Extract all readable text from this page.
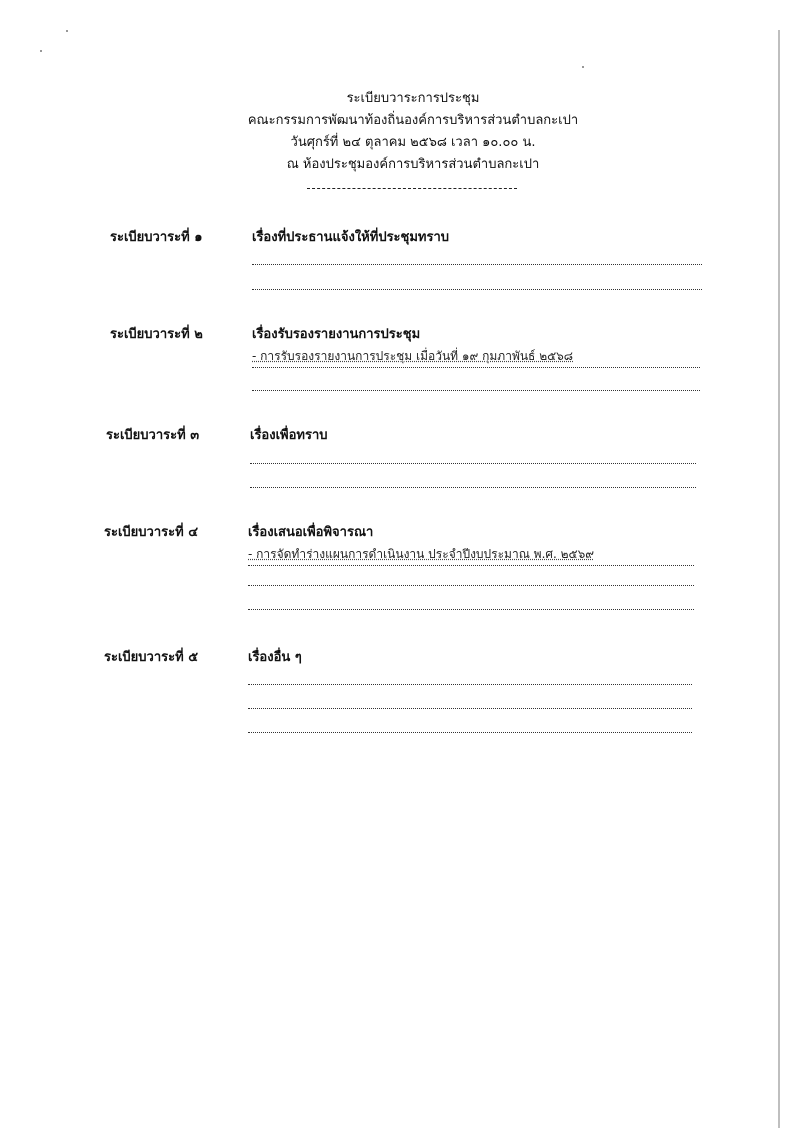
ระเบียบวาระการประชุม
คณะกรรมการพัฒนาท้องถิ่นองค์การบริหารส่วนตำบลกะเปา
วันศุกร์ที่ ๒๔ ตุลาคม ๒๕๖๘ เวลา ๑๐.๐๐ น.
ณ ห้องประชุมองค์การบริหารส่วนตำบลกะเปา
ระเบียบวาระที่ ๑	เรื่องที่ประธานแจ้งให้ที่ประชุมทราบ
ระเบียบวาระที่ ๒	เรื่องรับรองรายงานการประชุม
- การรับรองรายงานการประชุม เมื่อวันที่ ๑๙ กุมภาพันธ์ ๒๕๖๘
ระเบียบวาระที่ ๓	เรื่องเพื่อทราบ
ระเบียบวาระที่ ๔	เรื่องเสนอเพื่อพิจารณา
- การจัดทำร่างแผนการดำเนินงาน ประจำปีงบประมาณ พ.ศ. ๒๕๖๙
ระเบียบวาระที่ ๕	เรื่องอื่น ๆ
